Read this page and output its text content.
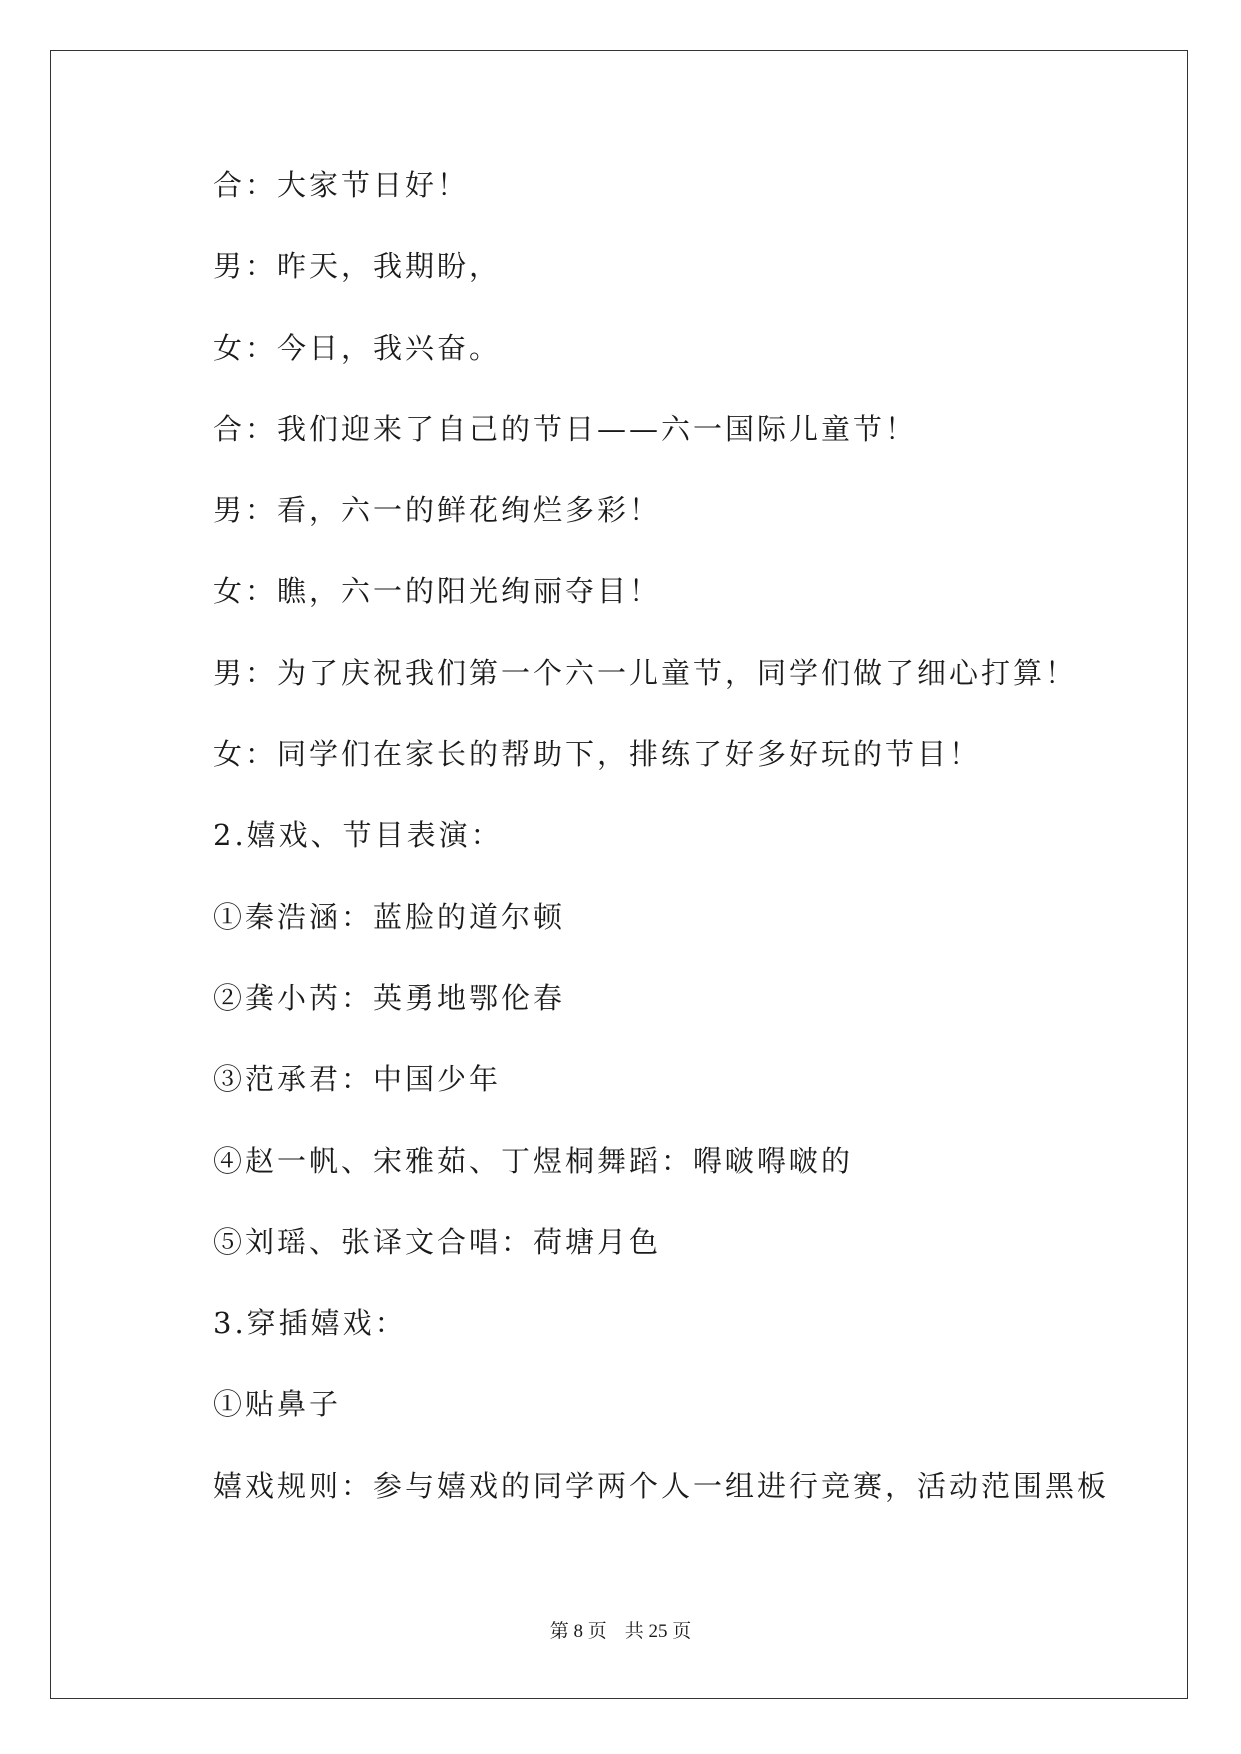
合：大家节日好！
男：昨天，我期盼，
女：今日，我兴奋。
合：我们迎来了自己的节日——六一国际儿童节！
男：看，六一的鲜花绚烂多彩！
女：瞧，六一的阳光绚丽夺目！
男：为了庆祝我们第一个六一儿童节，同学们做了细心打算！
女：同学们在家长的帮助下，排练了好多好玩的节目！
2.嬉戏、节目表演：
①秦浩涵：蓝脸的道尔顿
②龚小芮：英勇地鄂伦春
③范承君：中国少年
④赵一帆、宋雅茹、丁煜桐舞蹈：嘚啵嘚啵的
⑤刘瑶、张译文合唱：荷塘月色
3.穿插嬉戏：
①贴鼻子
嬉戏规则：参与嬉戏的同学两个人一组进行竞赛，活动范围黑板
第 8 页 共 25 页
